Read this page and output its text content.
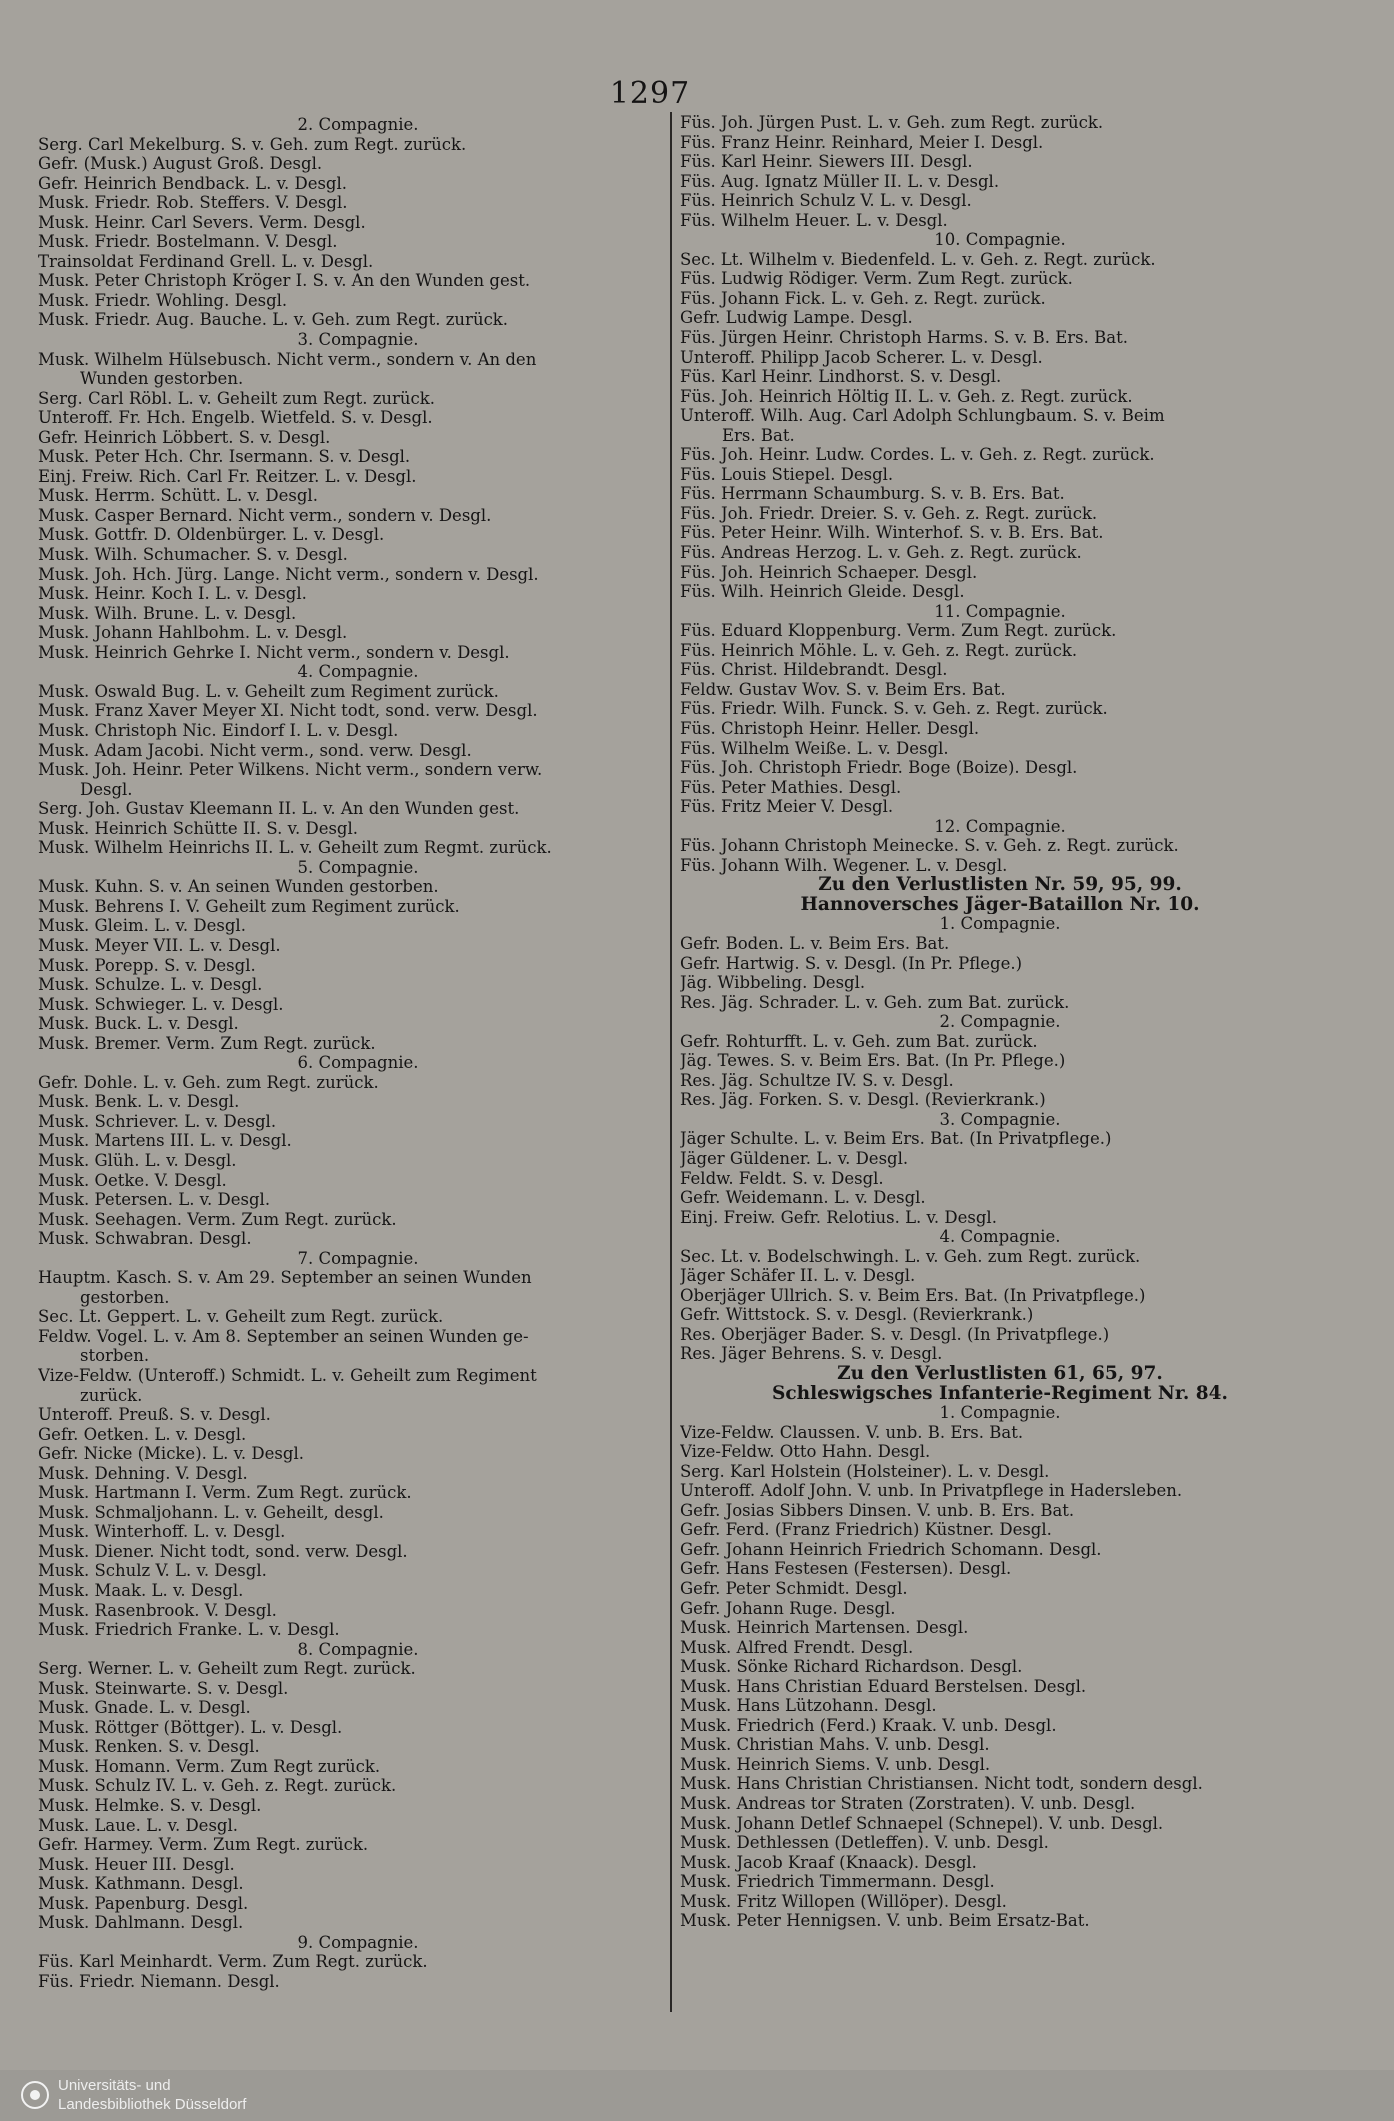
1297
2. Compagnie.
Serg. Carl Mekelburg. S. v. Geh. zum Regt. zurück.
Gefr. (Musk.) August Groß. Desgl.
Gefr. Heinrich Bendback. L. v. Desgl.
Musk. Friedr. Rob. Steffers. V. Desgl.
Musk. Heinr. Carl Severs. Verm. Desgl.
Musk. Friedr. Bostelmann. V. Desgl.
Trainsoldat Ferdinand Grell. L. v. Desgl.
Musk. Peter Christoph Kröger I. S. v. An den Wunden gest.
Musk. Friedr. Wohling. Desgl.
Musk. Friedr. Aug. Bauche. L. v. Geh. zum Regt. zurück.
3. Compagnie.
Musk. Wilhelm Hülsebusch. Nicht verm., sondern v. An den
Wunden gestorben.
Serg. Carl Röbl. L. v. Geheilt zum Regt. zurück.
Unteroff. Fr. Hch. Engelb. Wietfeld. S. v. Desgl.
Gefr. Heinrich Löbbert. S. v. Desgl.
Musk. Peter Hch. Chr. Isermann. S. v. Desgl.
Einj. Freiw. Rich. Carl Fr. Reitzer. L. v. Desgl.
Musk. Herrm. Schütt. L. v. Desgl.
Musk. Casper Bernard. Nicht verm., sondern v. Desgl.
Musk. Gottfr. D. Oldenbürger. L. v. Desgl.
Musk. Wilh. Schumacher. S. v. Desgl.
Musk. Joh. Hch. Jürg. Lange. Nicht verm., sondern v. Desgl.
Musk. Heinr. Koch I. L. v. Desgl.
Musk. Wilh. Brune. L. v. Desgl.
Musk. Johann Hahlbohm. L. v. Desgl.
Musk. Heinrich Gehrke I. Nicht verm., sondern v. Desgl.
4. Compagnie.
Musk. Oswald Bug. L. v. Geheilt zum Regiment zurück.
Musk. Franz Xaver Meyer XI. Nicht todt, sond. verw. Desgl.
Musk. Christoph Nic. Eindorf I. L. v. Desgl.
Musk. Adam Jacobi. Nicht verm., sond. verw. Desgl.
Musk. Joh. Heinr. Peter Wilkens. Nicht verm., sondern verw.
Desgl.
Serg. Joh. Gustav Kleemann II. L. v. An den Wunden gest.
Musk. Heinrich Schütte II. S. v. Desgl.
Musk. Wilhelm Heinrichs II. L. v. Geheilt zum Regmt. zurück.
5. Compagnie.
Musk. Kuhn. S. v. An seinen Wunden gestorben.
Musk. Behrens I. V. Geheilt zum Regiment zurück.
Musk. Gleim. L. v. Desgl.
Musk. Meyer VII. L. v. Desgl.
Musk. Porepp. S. v. Desgl.
Musk. Schulze. L. v. Desgl.
Musk. Schwieger. L. v. Desgl.
Musk. Buck. L. v. Desgl.
Musk. Bremer. Verm. Zum Regt. zurück.
6. Compagnie.
Gefr. Dohle. L. v. Geh. zum Regt. zurück.
Musk. Benk. L. v. Desgl.
Musk. Schriever. L. v. Desgl.
Musk. Martens III. L. v. Desgl.
Musk. Glüh. L. v. Desgl.
Musk. Oetke. V. Desgl.
Musk. Petersen. L. v. Desgl.
Musk. Seehagen. Verm. Zum Regt. zurück.
Musk. Schwabran. Desgl.
7. Compagnie.
Hauptm. Kasch. S. v. Am 29. September an seinen Wunden
gestorben.
Sec. Lt. Geppert. L. v. Geheilt zum Regt. zurück.
Feldw. Vogel. L. v. Am 8. September an seinen Wunden ge-
storben.
Vize-Feldw. (Unteroff.) Schmidt. L. v. Geheilt zum Regiment
zurück.
Unteroff. Preuß. S. v. Desgl.
Gefr. Oetken. L. v. Desgl.
Gefr. Nicke (Micke). L. v. Desgl.
Musk. Dehning. V. Desgl.
Musk. Hartmann I. Verm. Zum Regt. zurück.
Musk. Schmaljohann. L. v. Geheilt, desgl.
Musk. Winterhoff. L. v. Desgl.
Musk. Diener. Nicht todt, sond. verw. Desgl.
Musk. Schulz V. L. v. Desgl.
Musk. Maak. L. v. Desgl.
Musk. Rasenbrook. V. Desgl.
Musk. Friedrich Franke. L. v. Desgl.
8. Compagnie.
Serg. Werner. L. v. Geheilt zum Regt. zurück.
Musk. Steinwarte. S. v. Desgl.
Musk. Gnade. L. v. Desgl.
Musk. Röttger (Böttger). L. v. Desgl.
Musk. Renken. S. v. Desgl.
Musk. Homann. Verm. Zum Regt zurück.
Musk. Schulz IV. L. v. Geh. z. Regt. zurück.
Musk. Helmke. S. v. Desgl.
Musk. Laue. L. v. Desgl.
Gefr. Harmey. Verm. Zum Regt. zurück.
Musk. Heuer III. Desgl.
Musk. Kathmann. Desgl.
Musk. Papenburg. Desgl.
Musk. Dahlmann. Desgl.
9. Compagnie.
Füs. Karl Meinhardt. Verm. Zum Regt. zurück.
Füs. Friedr. Niemann. Desgl.
Füs. Joh. Jürgen Pust. L. v. Geh. zum Regt. zurück.
Füs. Franz Heinr. Reinhard, Meier I. Desgl.
Füs. Karl Heinr. Siewers III. Desgl.
Füs. Aug. Ignatz Müller II. L. v. Desgl.
Füs. Heinrich Schulz V. L. v. Desgl.
Füs. Wilhelm Heuer. L. v. Desgl.
10. Compagnie.
Sec. Lt. Wilhelm v. Biedenfeld. L. v. Geh. z. Regt. zurück.
Füs. Ludwig Rödiger. Verm. Zum Regt. zurück.
Füs. Johann Fick. L. v. Geh. z. Regt. zurück.
Gefr. Ludwig Lampe. Desgl.
Füs. Jürgen Heinr. Christoph Harms. S. v. B. Ers. Bat.
Unteroff. Philipp Jacob Scherer. L. v. Desgl.
Füs. Karl Heinr. Lindhorst. S. v. Desgl.
Füs. Joh. Heinrich Höltig II. L. v. Geh. z. Regt. zurück.
Unteroff. Wilh. Aug. Carl Adolph Schlungbaum. S. v. Beim
Ers. Bat.
Füs. Joh. Heinr. Ludw. Cordes. L. v. Geh. z. Regt. zurück.
Füs. Louis Stiepel. Desgl.
Füs. Herrmann Schaumburg. S. v. B. Ers. Bat.
Füs. Joh. Friedr. Dreier. S. v. Geh. z. Regt. zurück.
Füs. Peter Heinr. Wilh. Winterhof. S. v. B. Ers. Bat.
Füs. Andreas Herzog. L. v. Geh. z. Regt. zurück.
Füs. Joh. Heinrich Schaeper. Desgl.
Füs. Wilh. Heinrich Gleide. Desgl.
11. Compagnie.
Füs. Eduard Kloppenburg. Verm. Zum Regt. zurück.
Füs. Heinrich Möhle. L. v. Geh. z. Regt. zurück.
Füs. Christ. Hildebrandt. Desgl.
Feldw. Gustav Wov. S. v. Beim Ers. Bat.
Füs. Friedr. Wilh. Funck. S. v. Geh. z. Regt. zurück.
Füs. Christoph Heinr. Heller. Desgl.
Füs. Wilhelm Weiße. L. v. Desgl.
Füs. Joh. Christoph Friedr. Boge (Boize). Desgl.
Füs. Peter Mathies. Desgl.
Füs. Fritz Meier V. Desgl.
12. Compagnie.
Füs. Johann Christoph Meinecke. S. v. Geh. z. Regt. zurück.
Füs. Johann Wilh. Wegener. L. v. Desgl.
Zu den Verlustlisten Nr. 59, 95, 99.
Hannoversches Jäger-Bataillon Nr. 10.
1. Compagnie.
Gefr. Boden. L. v. Beim Ers. Bat.
Gefr. Hartwig. S. v. Desgl. (In Pr. Pflege.)
Jäg. Wibbeling. Desgl.
Res. Jäg. Schrader. L. v. Geh. zum Bat. zurück.
2. Compagnie.
Gefr. Rohturfft. L. v. Geh. zum Bat. zurück.
Jäg. Tewes. S. v. Beim Ers. Bat. (In Pr. Pflege.)
Res. Jäg. Schultze IV. S. v. Desgl.
Res. Jäg. Forken. S. v. Desgl. (Revierkrank.)
3. Compagnie.
Jäger Schulte. L. v. Beim Ers. Bat. (In Privatpflege.)
Jäger Güldener. L. v. Desgl.
Feldw. Feldt. S. v. Desgl.
Gefr. Weidemann. L. v. Desgl.
Einj. Freiw. Gefr. Relotius. L. v. Desgl.
4. Compagnie.
Sec. Lt. v. Bodelschwingh. L. v. Geh. zum Regt. zurück.
Jäger Schäfer II. L. v. Desgl.
Oberjäger Ullrich. S. v. Beim Ers. Bat. (In Privatpflege.)
Gefr. Wittstock. S. v. Desgl. (Revierkrank.)
Res. Oberjäger Bader. S. v. Desgl. (In Privatpflege.)
Res. Jäger Behrens. S. v. Desgl.
Zu den Verlustlisten 61, 65, 97.
Schleswigsches Infanterie-Regiment Nr. 84.
1. Compagnie.
Vize-Feldw. Claussen. V. unb. B. Ers. Bat.
Vize-Feldw. Otto Hahn. Desgl.
Serg. Karl Holstein (Holsteiner). L. v. Desgl.
Unteroff. Adolf John. V. unb. In Privatpflege in Hadersleben.
Gefr. Josias Sibbers Dinsen. V. unb. B. Ers. Bat.
Gefr. Ferd. (Franz Friedrich) Küstner. Desgl.
Gefr. Johann Heinrich Friedrich Schomann. Desgl.
Gefr. Hans Festesen (Festersen). Desgl.
Gefr. Peter Schmidt. Desgl.
Gefr. Johann Ruge. Desgl.
Musk. Heinrich Martensen. Desgl.
Musk. Alfred Frendt. Desgl.
Musk. Sönke Richard Richardson. Desgl.
Musk. Hans Christian Eduard Berstelsen. Desgl.
Musk. Hans Lützohann. Desgl.
Musk. Friedrich (Ferd.) Kraak. V. unb. Desgl.
Musk. Christian Mahs. V. unb. Desgl.
Musk. Heinrich Siems. V. unb. Desgl.
Musk. Hans Christian Christiansen. Nicht todt, sondern desgl.
Musk. Andreas tor Straten (Zorstraten). V. unb. Desgl.
Musk. Johann Detlef Schnaepel (Schnepel). V. unb. Desgl.
Musk. Dethlessen (Detleffen). V. unb. Desgl.
Musk. Jacob Kraaf (Knaack). Desgl.
Musk. Friedrich Timmermann. Desgl.
Musk. Fritz Willopen (Willöper). Desgl.
Musk. Peter Hennigsen. V. unb. Beim Ersatz-Bat.
Universitäts- und
Landesbibliothek Düsseldorf
